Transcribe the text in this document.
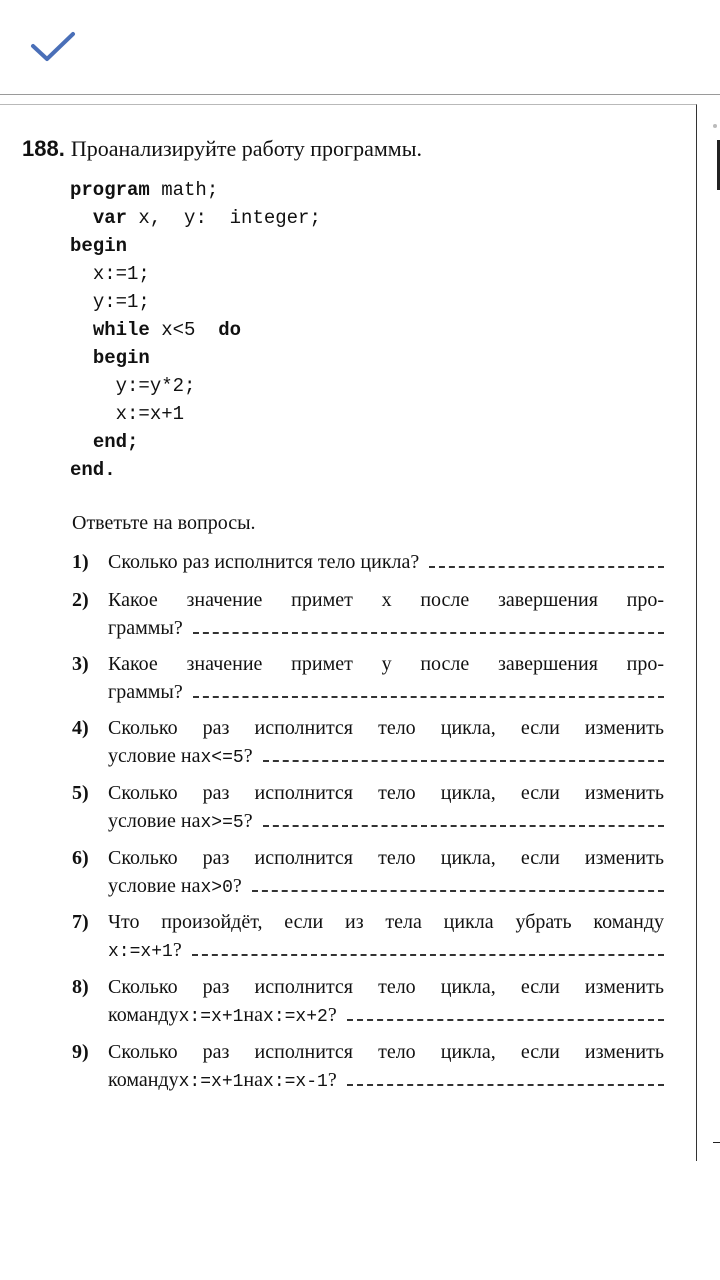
188. Проанализируйте работу программы.
program math;
var x,  y:  integer;
begin
x:=1;
y:=1;
while x<5  do
begin
y:=y*2;
x:=x+1
end;
end.
Ответьте на вопросы.
1) Сколько раз исполнится тело цикла?
2) Какое значение примет x после завершения про-
граммы?
3) Какое значение примет y после завершения про-
граммы?
4) Сколько раз исполнится тело цикла, если изменить
условие на x<=5 ?
5) Сколько раз исполнится тело цикла, если изменить
условие на x>=5 ?
6) Сколько раз исполнится тело цикла, если изменить
условие на x>0 ?
7) Что произойдёт, если из тела цикла убрать команду
x:=x+1 ?
8) Сколько раз исполнится тело цикла, если изменить
команду x:=x+1 на x:=x+2 ?
9) Сколько раз исполнится тело цикла, если изменить
команду x:=x+1 на x:=x-1 ?
